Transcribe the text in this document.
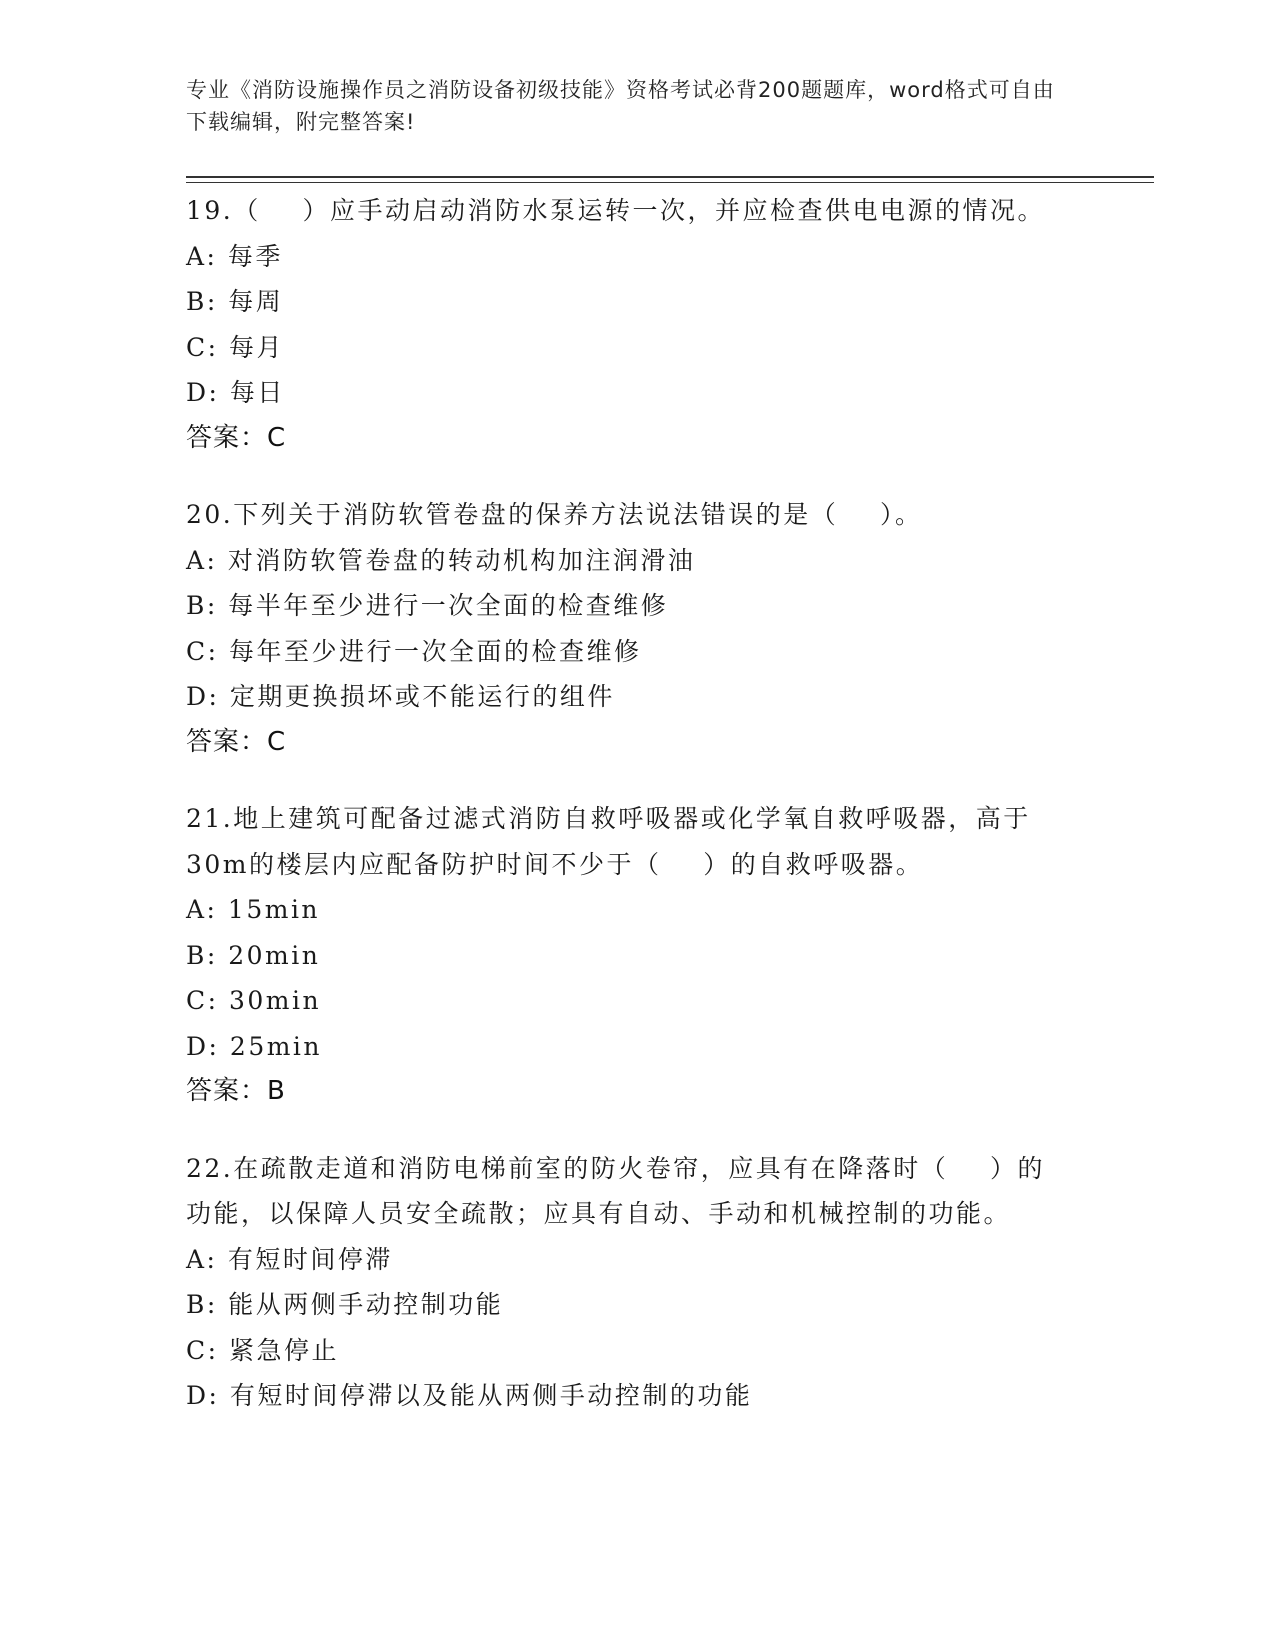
专业《消防设施操作员之消防设备初级技能》资格考试必背200题题库，word格式可自由下载编辑，附完整答案!
19.（    ）应手动启动消防水泵运转一次，并应检查供电电源的情况。
A: 每季
B: 每周
C: 每月
D: 每日
答案：C
20.下列关于消防软管卷盘的保养方法说法错误的是（    ）。
A: 对消防软管卷盘的转动机构加注润滑油
B: 每半年至少进行一次全面的检查维修
C: 每年至少进行一次全面的检查维修
D: 定期更换损坏或不能运行的组件
答案：C
21.地上建筑可配备过滤式消防自救呼吸器或化学氧自救呼吸器，高于
30m的楼层内应配备防护时间不少于（    ）的自救呼吸器。
A: 15min
B: 20min
C: 30min
D: 25min
答案：B
22.在疏散走道和消防电梯前室的防火卷帘，应具有在降落时（    ）的
功能，以保障人员安全疏散；应具有自动、手动和机械控制的功能。
A: 有短时间停滞
B: 能从两侧手动控制功能
C: 紧急停止
D: 有短时间停滞以及能从两侧手动控制的功能
